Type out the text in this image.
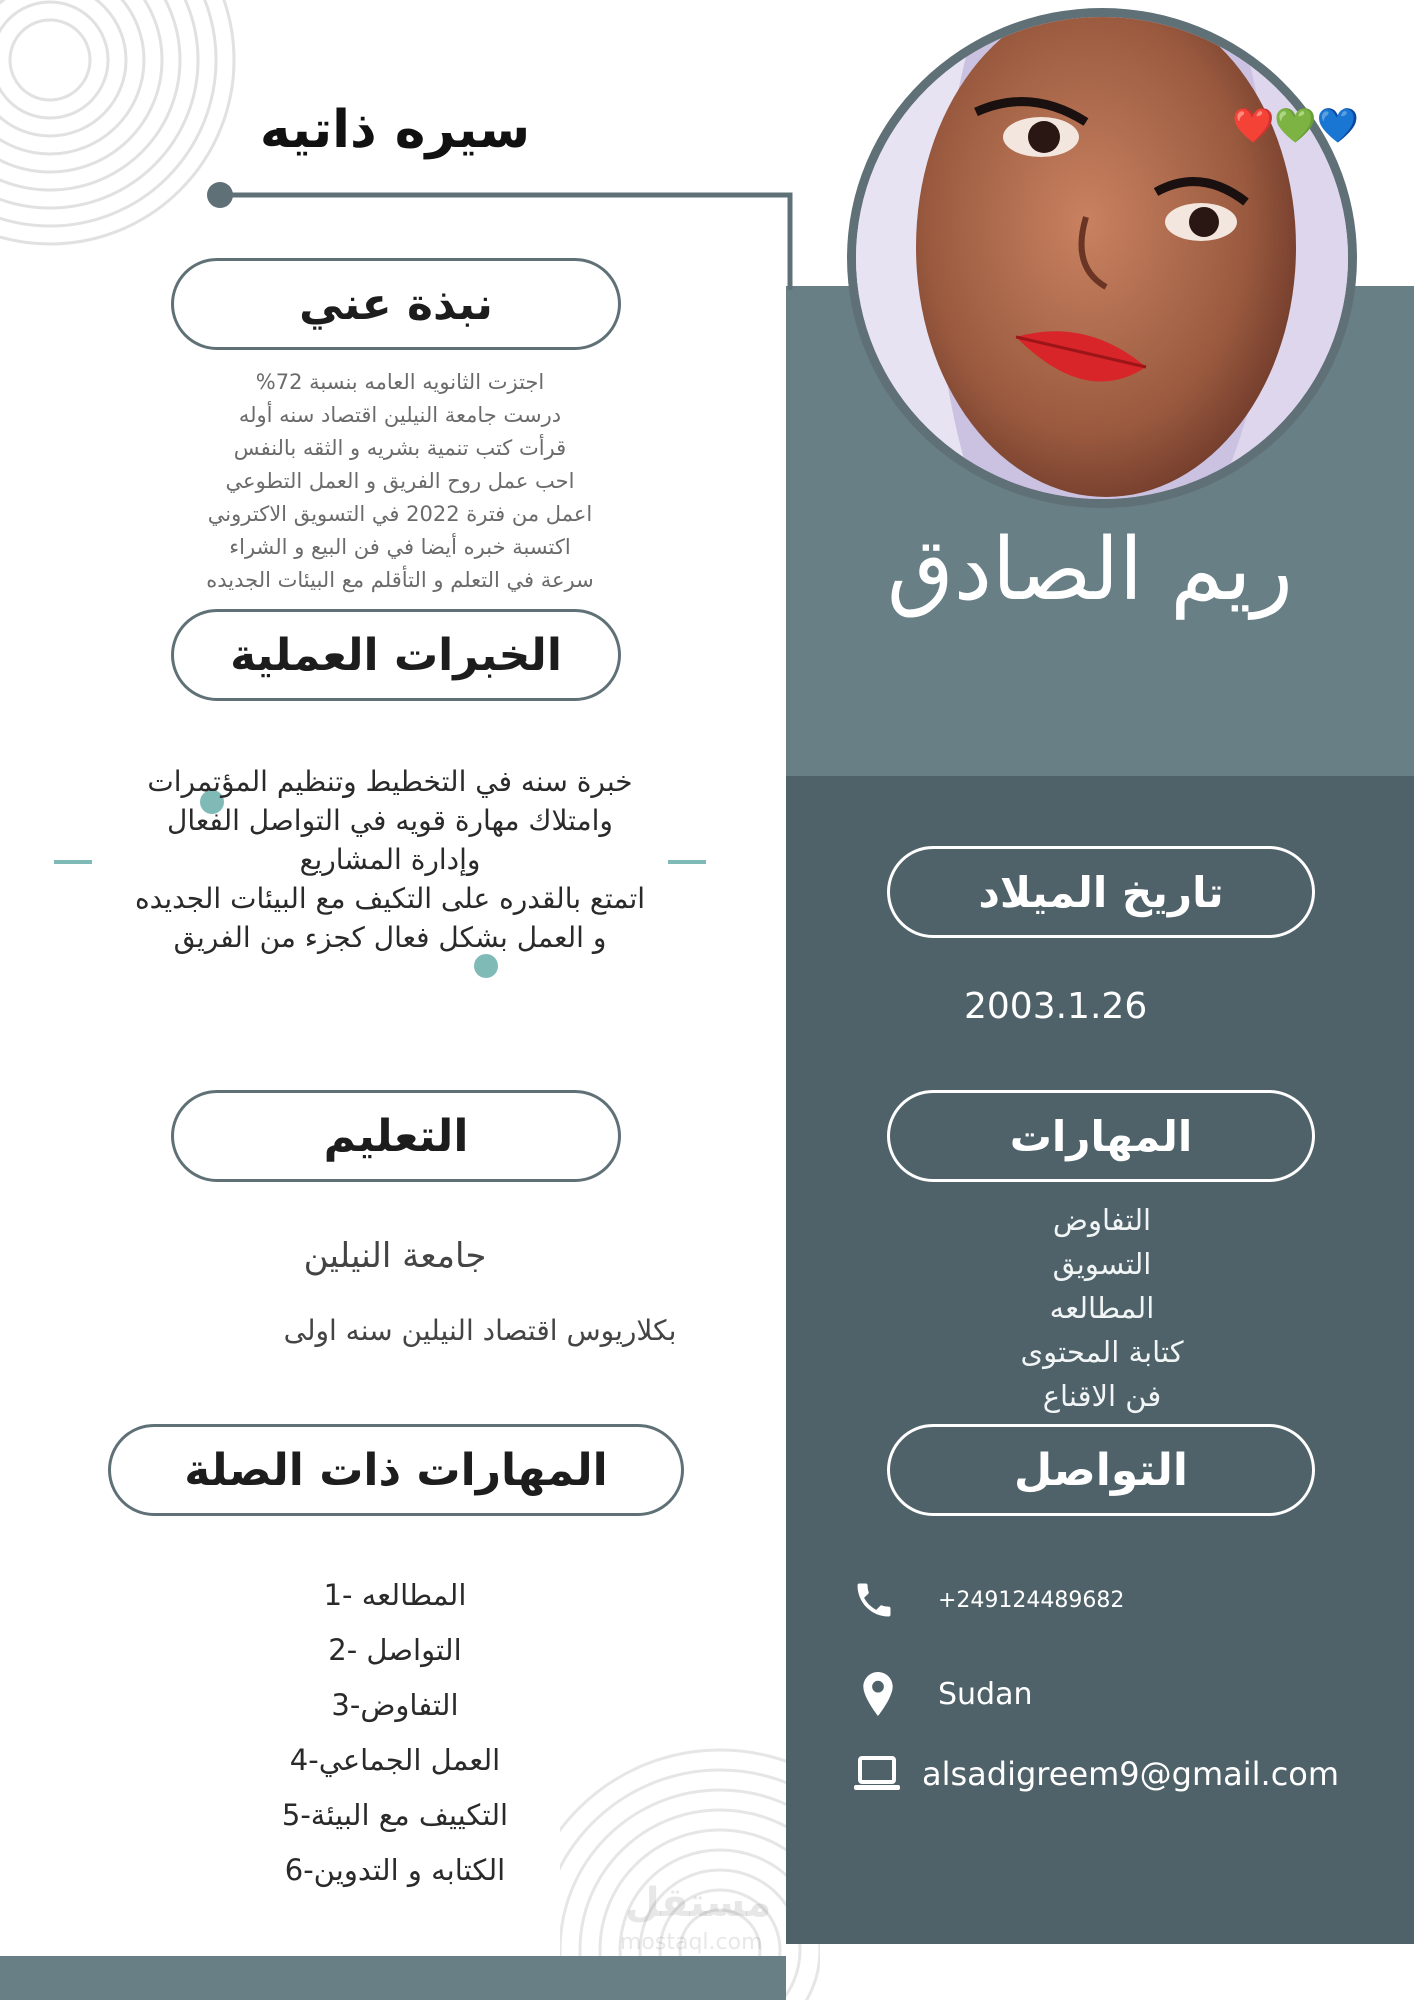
سيره ذاتيه	❤️💚💙
ريم الصادق
نبذة عني
اجتزت الثانويه العامه بنسبة 72%
درست جامعة النيلين اقتصاد سنه أوله
قرأت كتب تنمية بشريه و الثقه بالنفس
احب عمل روح الفريق و العمل التطوعي
اعمل من فترة 2022 في التسويق الاكتروني
اكتسبة خبره أيضا في فن البيع و الشراء
سرعة في التعلم و التأقلم مع البيئات الجديده
الخبرات العملية
خبرة سنه في التخطيط وتنظيم المؤتمرات
وامتلاك مهارة قويه في التواصل الفعال
وإدارة المشاريع
اتمتع بالقدره على التكيف مع البيئات الجديده
و العمل بشكل فعال كجزء من الفريق
التعليم
جامعة النيلين
بكلاريوس اقتصاد النيلين سنه اولى
المهارات ذات الصلة
المطالعه -1
التواصل -2
التفاوض-3
العمل الجماعي-4
التكييف مع البيئة-5
الكتابه و التدوين-6
تاريخ الميلاد
2003.1.26
المهارات
التفاوض
التسويق
المطالعه
كتابة المحتوى
فن الاقناع
التواصل
+249124489682
Sudan
alsadigreem9@gmail.com
مستقل
mostaql.com
